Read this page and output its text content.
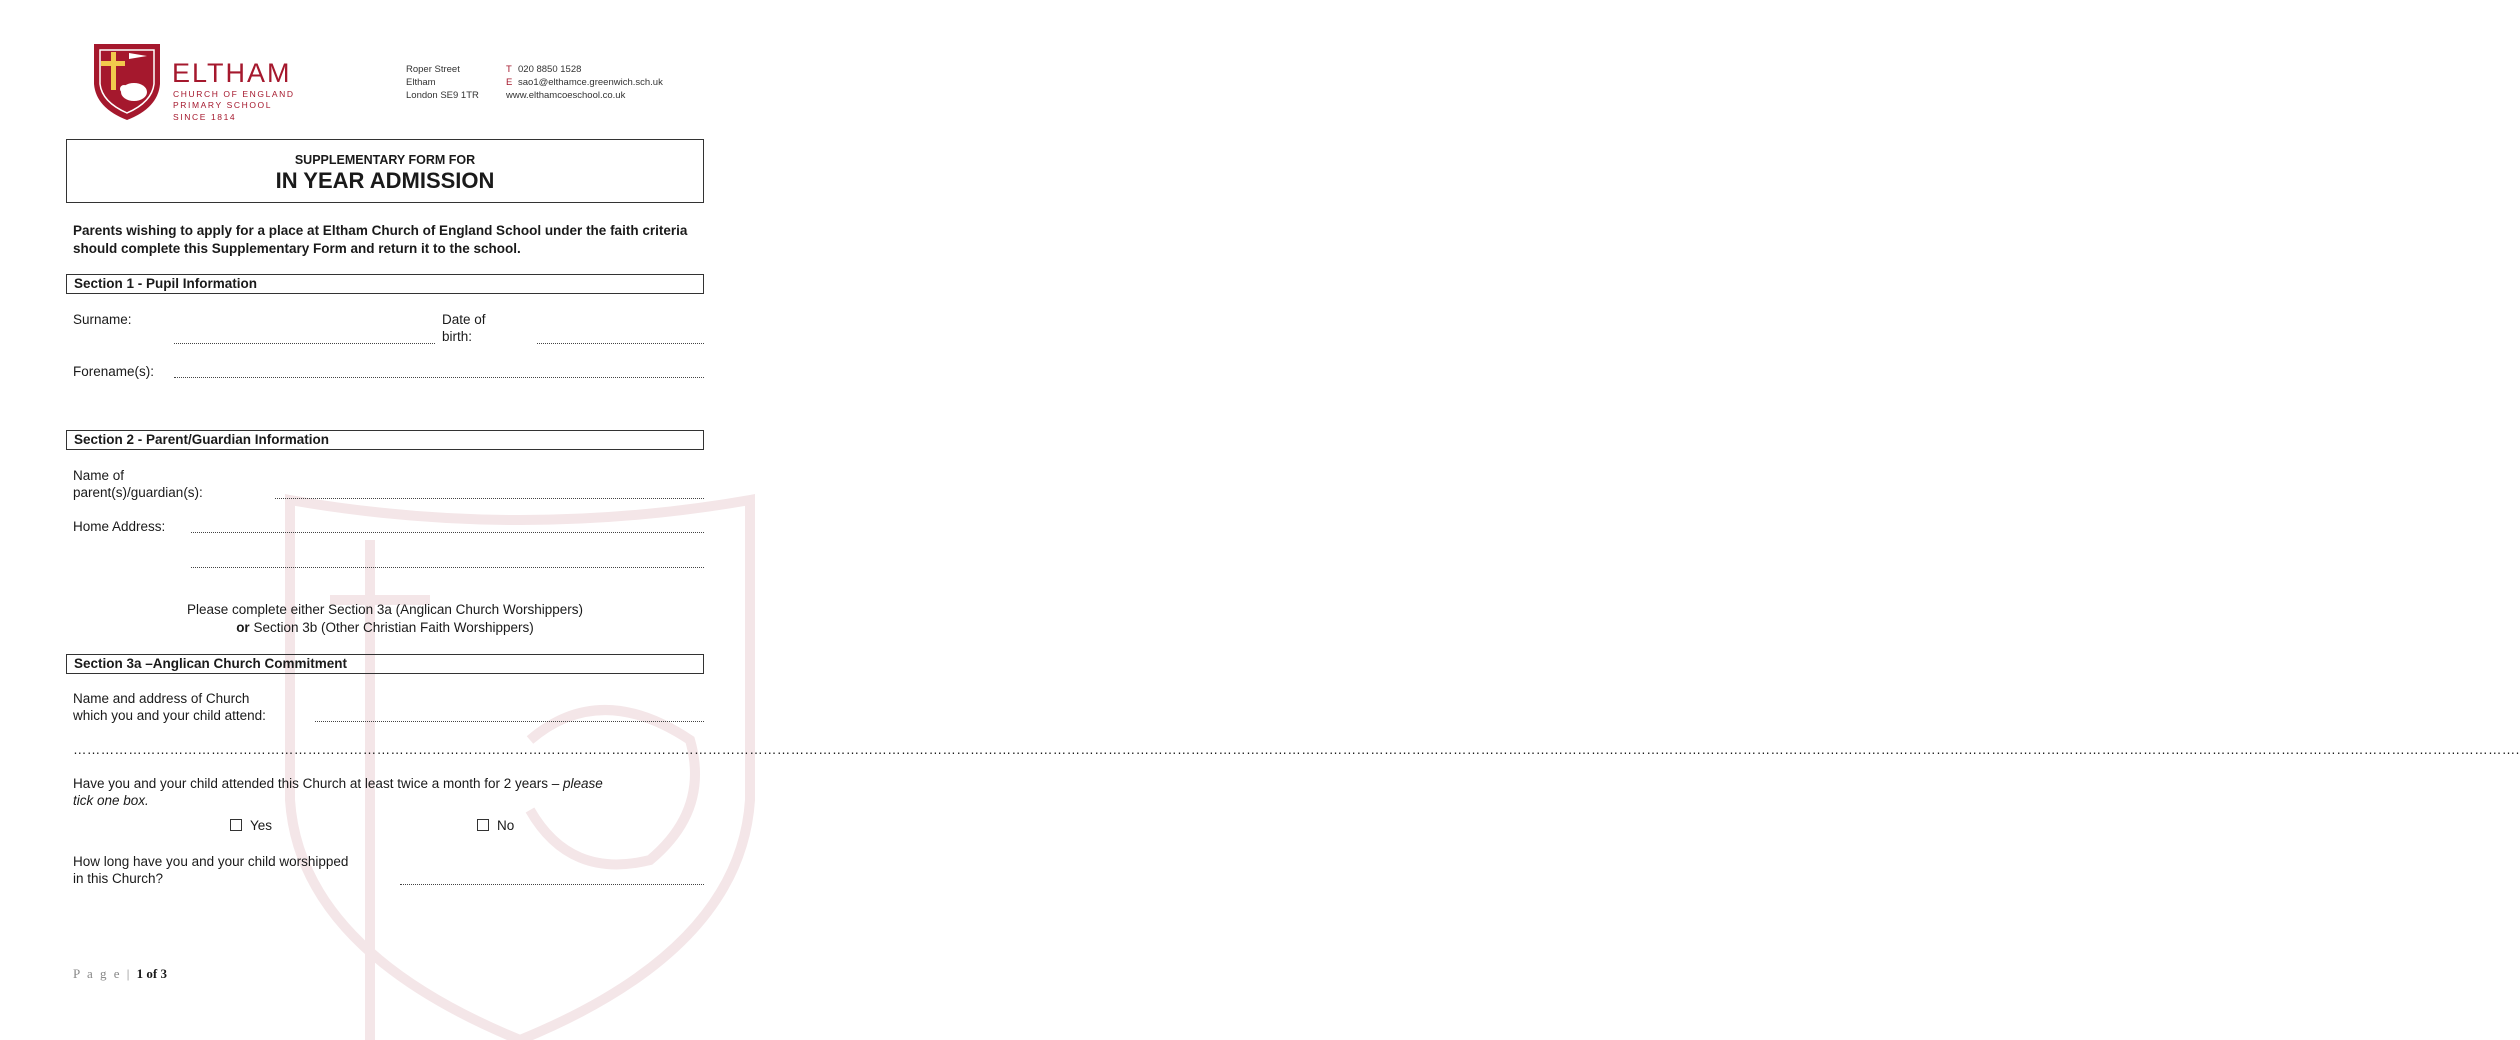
ELTHAM
CHURCH OF ENGLAND
PRIMARY SCHOOL
SINCE 1814
Roper Street
Eltham
London SE9 1TR
T 020 8850 1528
E sao1@elthamce.greenwich.sch.uk
www.elthamcoeschool.co.uk
SUPPLEMENTARY FORM FOR
IN YEAR ADMISSION
Parents wishing to apply for a place at Eltham Church of England School under the faith criteria should complete this Supplementary Form and return it to the school.
Section 1 - Pupil Information
Surname:	Date of
birth:
Forename(s):
Section 2 - Parent/Guardian Information
Name of
parent(s)/guardian(s):
Home Address:
Please complete either Section 3a (Anglican Church Worshippers)
or Section 3b (Other Christian Faith Worshippers)
Section 3a –Anglican Church Commitment
Name and address of Church
which you and your child attend:
……………………………………………………………………………………………………………………………………………………………………………………………………………………………………………………………………………………………………………………………………………………………………………………………………………………………………………………………………………………….
Have you and your child attended this Church at least twice a month for 2 years – please
tick one box.
Yes	No
How long have you and your child worshipped
in this Church?
P a g e | 1 of 3
